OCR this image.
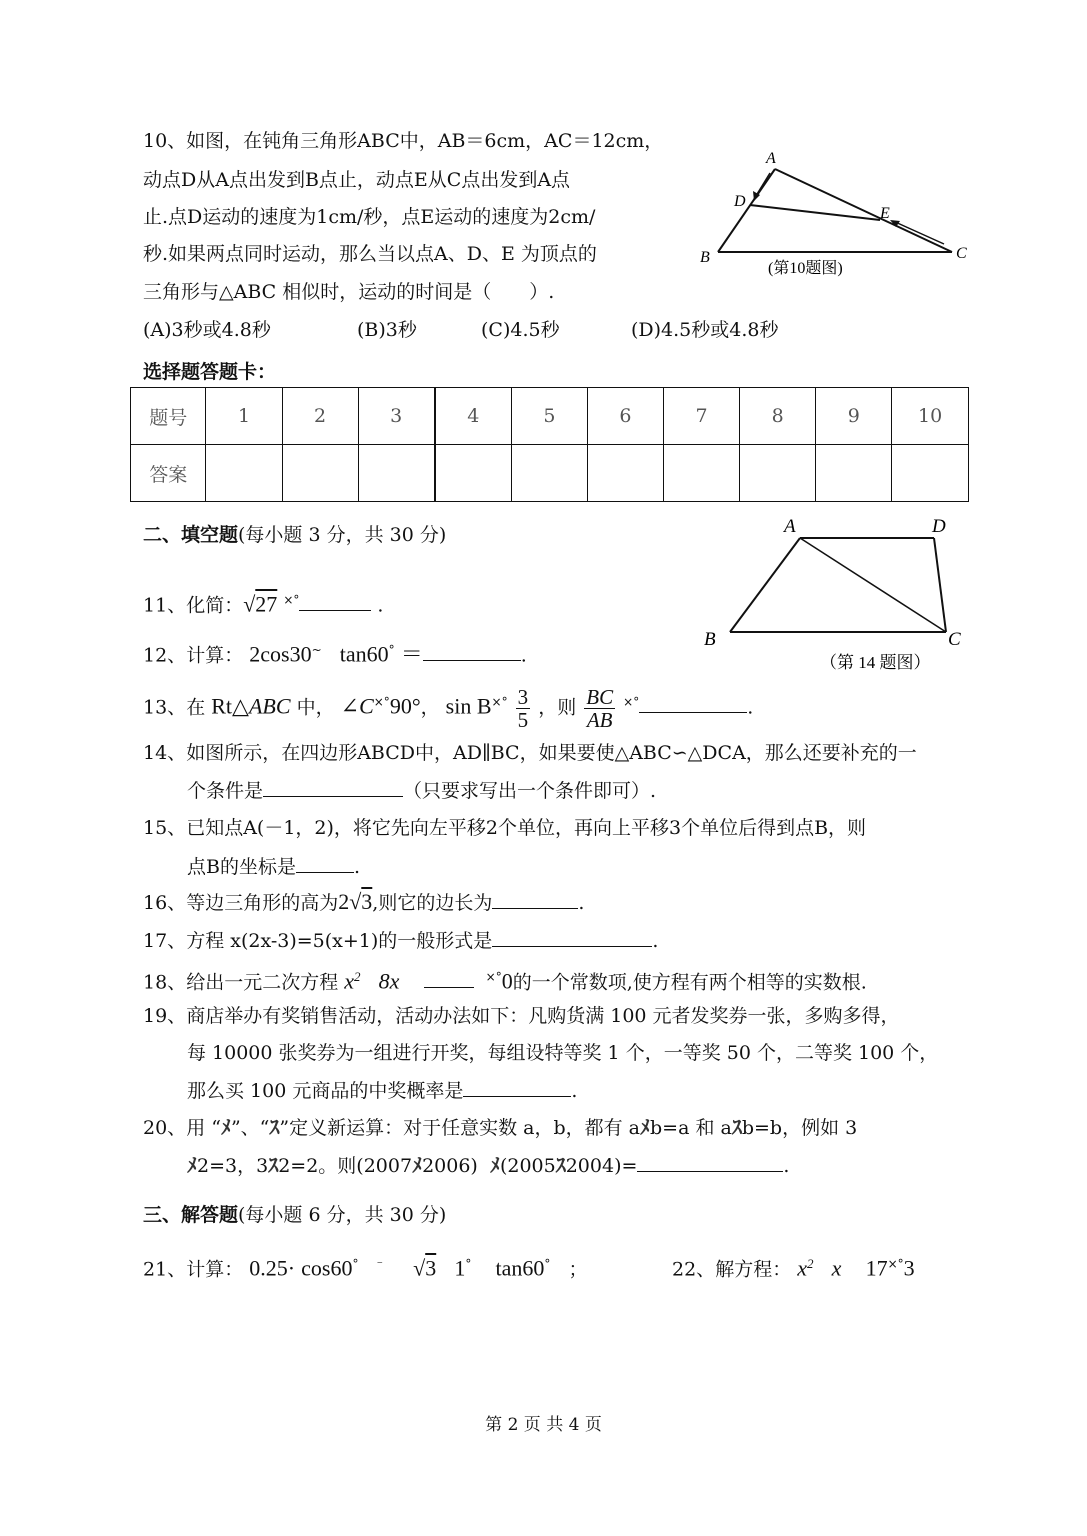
10、如图，在钝角三角形ABC中，AB＝6cm，AC＝12cm，
动点D从A点出发到B点止，动点E从C点出发到A点
止.点D运动的速度为1cm/秒，点E运动的速度为2cm/
秒.如果两点同时运动，那么当以点A、D、E 为顶点的
三角形与△ABC 相似时，运动的时间是（　　）.
(A)3秒或4.8秒	(B)3秒	(C)4.5秒	(D)4.5秒或4.8秒
A
D
E
B	C
(第10题图)
选择题答题卡：
题号	1	2	3	4	5	6	7	8	9	10
答案										
二、填空题(每小题 3 分，共 30 分)	A	D
B	C
（第 14 题图）
11、化简：√27 ×°	.
12、计算： 2cos30~ tan60° ＝	.
13、在 Rt△ABC 中， ∠C×°90°， $\sin B^{\times^\circ} \frac{3}{5}$ ，则 $\frac{BC}{AB} ^{\times^\circ}$	.
14、如图所示，在四边形ABCD中，AD∥BC，如果要使△ABC∽△DCA，那么还要补充的一
个条件是	（只要求写出一个条件即可）.
15、已知点A(－1，2)，将它先向左平移2个单位，再向上平移3个单位后得到点B，则
点B的坐标是	.
16、等边三角形的高为2√3,则它的边长为	.
17、方程 x(2x-3)=5(x+1)的一般形式是	.
18、给出一元二次方程 $x^2$ 8x	×°0的一个常数项,使方程有两个相等的实数根.
19、商店举办有奖销售活动，活动办法如下：凡购货满 100 元者发奖券一张，多购多得，
每 10000 张奖券为一组进行开奖，每组设特等奖 1 个，一等奖 50 个，二等奖 100 个，
那么买 100 元商品的中奖概率是	.
20、用 “ﾒ”、“ｽ”定义新运算：对于任意实数 a，b，都有 aﾒb=a 和 aｽb=b，例如 3
ﾒ2=3，3ｽ2=2。则(2007ﾒ2006) ﾒ(2005ｽ2004)=	.
三、解答题(每小题 6 分，共 30 分)
21、计算： 0.25· cos60° ⁻ √3 1° tan60° ；	22、解方程： $x^2$ x 17×°3
第 2 页 共 4 页
